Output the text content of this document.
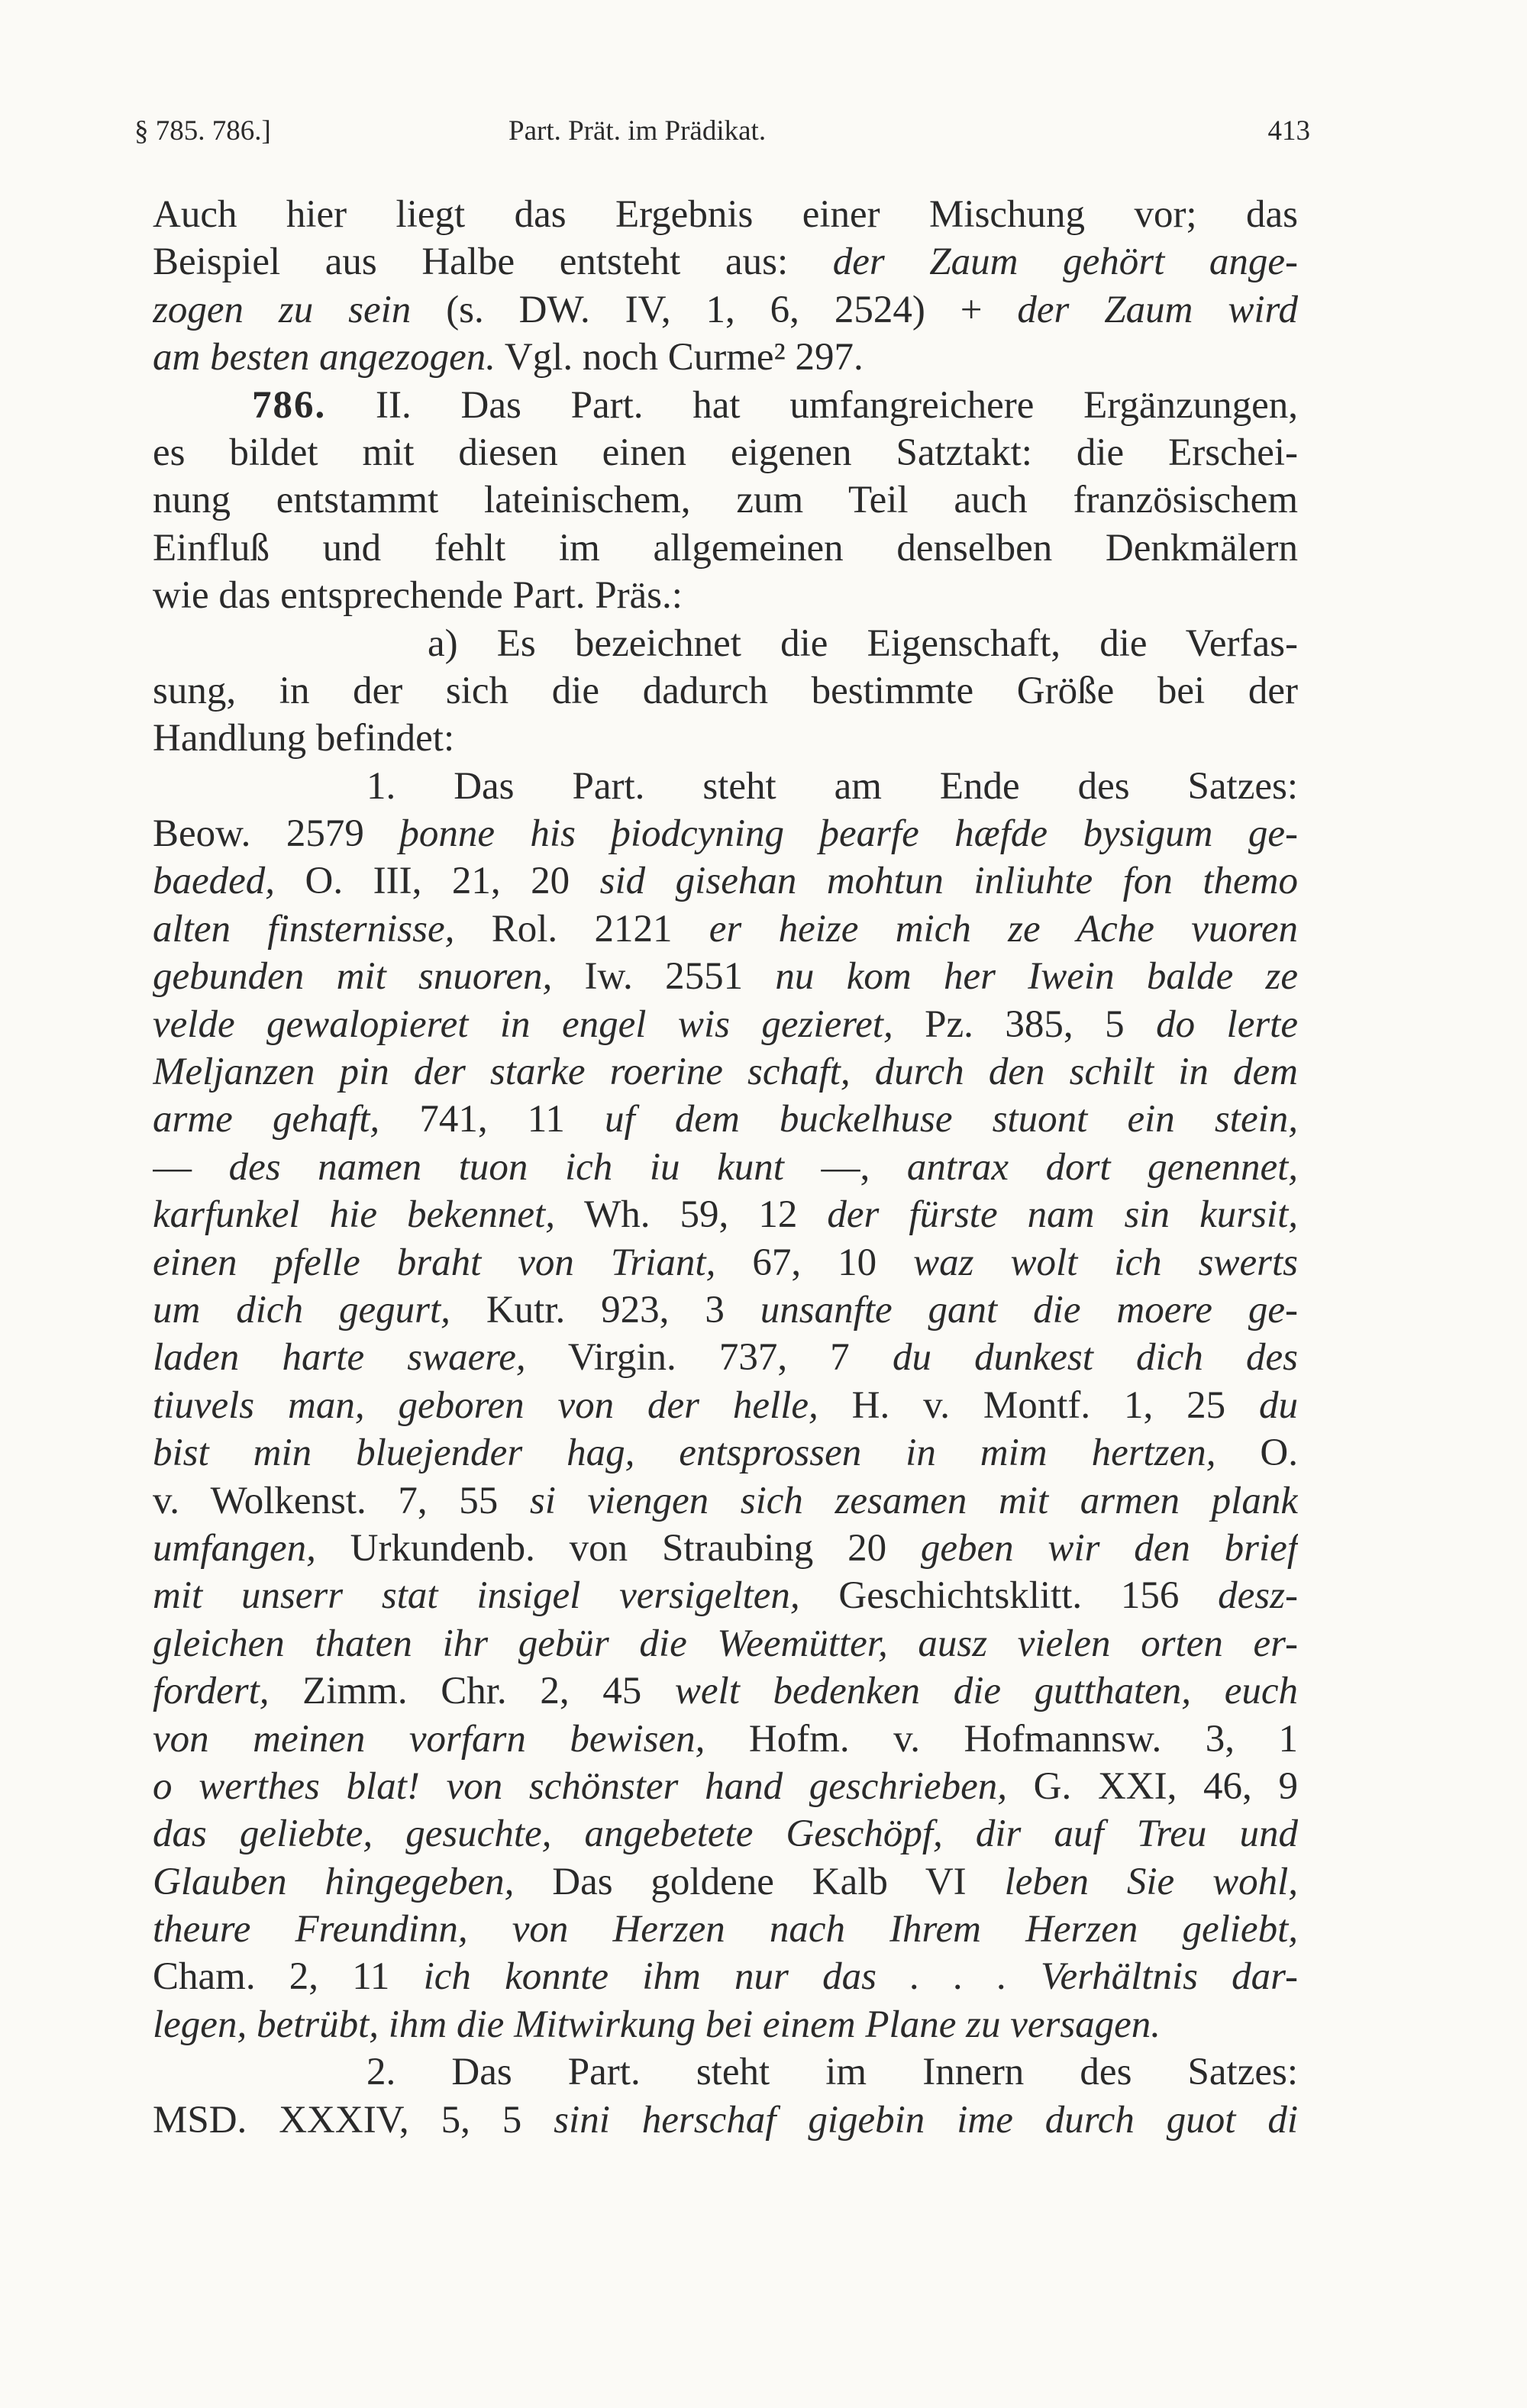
§ 785. 786.]	Part. Prät. im Prädikat.	413
Auch hier liegt das Ergebnis einer Mischung vor; das
Beispiel aus Halbe entsteht aus: der Zaum gehört ange-
zogen zu sein (s. DW. IV, 1, 6, 2524) + der Zaum wird
am besten angezogen. Vgl. noch Curme² 297.
786. II. Das Part. hat umfangreichere Ergänzungen,
es bildet mit diesen einen eigenen Satztakt: die Erschei-
nung entstammt lateinischem, zum Teil auch französischem
Einfluß und fehlt im allgemeinen denselben Denkmälern
wie das entsprechende Part. Präs.:
a) Es bezeichnet die Eigenschaft, die Verfas-
sung, in der sich die dadurch bestimmte Größe bei der
Handlung befindet:
1. Das Part. steht am Ende des Satzes:
Beow. 2579 þonne his þiodcyning þearfe hæfde bysigum ge-
baeded, O. III, 21, 20 sid gisehan mohtun inliuhte fon themo
alten finsternisse, Rol. 2121 er heize mich ze Ache vuoren
gebunden mit snuoren, Iw. 2551 nu kom her Iwein balde ze
velde gewalopieret in engel wis gezieret, Pz. 385, 5 do lerte
Meljanzen pin der starke roerine schaft, durch den schilt in dem
arme gehaft, 741, 11 uf dem buckelhuse stuont ein stein,
— des namen tuon ich iu kunt —, antrax dort genennet,
karfunkel hie bekennet, Wh. 59, 12 der fürste nam sin kursit,
einen pfelle braht von Triant, 67, 10 waz wolt ich swerts
um dich gegurt, Kutr. 923, 3 unsanfte gant die moere ge-
laden harte swaere, Virgin. 737, 7 du dunkest dich des
tiuvels man, geboren von der helle, H. v. Montf. 1, 25 du
bist min bluejender hag, entsprossen in mim hertzen, O.
v. Wolkenst. 7, 55 si viengen sich zesamen mit armen plank
umfangen, Urkundenb. von Straubing 20 geben wir den brief
mit unserr stat insigel versigelten, Geschichtsklitt. 156 desz-
gleichen thaten ihr gebür die Weemütter, ausz vielen orten er-
fordert, Zimm. Chr. 2, 45 welt bedenken die gutthaten, euch
von meinen vorfarn bewisen, Hofm. v. Hofmannsw. 3, 1
o werthes blat! von schönster hand geschrieben, G. XXI, 46, 9
das geliebte, gesuchte, angebetete Geschöpf, dir auf Treu und
Glauben hingegeben, Das goldene Kalb VI leben Sie wohl,
theure Freundinn, von Herzen nach Ihrem Herzen geliebt,
Cham. 2, 11 ich konnte ihm nur das . . . Verhältnis dar-
legen, betrübt, ihm die Mitwirkung bei einem Plane zu versagen.
2. Das Part. steht im Innern des Satzes:
MSD. XXXIV, 5, 5 sini herschaf gigebin ime durch guot di
